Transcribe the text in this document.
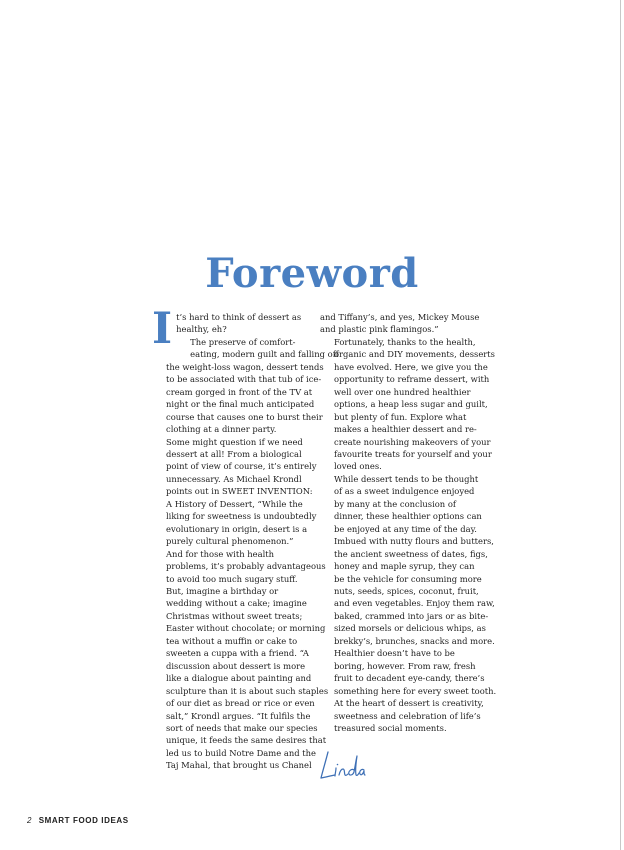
Foreword

I t’s hard to think of dessert as
healthy, eh?

The preserve of comfort-
eating, modern guilt and falling off
the weight-loss wagon, dessert tends
to be associated with that tub of ice-
cream gorged in front of the TV at
night or the final much anticipated
course that causes one to burst their
clothing at a dinner party.

Some might question if we need
dessert at all! From a biological
point of view of course, it’s entirely
unnecessary. As Michael Krondl
points out in SWEET INVENTION:
A History of Dessert, “While the
liking for sweetness is undoubtedly
evolutionary in origin, desert is a
purely cultural phenomenon.”

And for those with health
problems, it’s probably advantageous
to avoid too much sugary stuff.

But, imagine a birthday or
wedding without a cake; imagine
Christmas without sweet treats;
Easter without chocolate; or morning
tea without a muffin or cake to
sweeten a cuppa with a friend. “A
discussion about dessert is more
like a dialogue about painting and
sculpture than it is about such staples
of our diet as bread or rice or even
salt,” Krondl argues. “It fulfils the
sort of needs that make our species
unique, it feeds the same desires that
led us to build Notre Dame and the
Taj Mahal, that brought us Chanel

and Tiffany’s, and yes, Mickey Mouse
and plastic pink flamingos.”

Fortunately, thanks to the health,
organic and DIY movements, desserts
have evolved. Here, we give you the
opportunity to reframe dessert, with
well over one hundred healthier
options, a heap less sugar and guilt,
but plenty of fun. Explore what
makes a healthier dessert and re-
create nourishing makeovers of your
favourite treats for yourself and your
loved ones.

While dessert tends to be thought
of as a sweet indulgence enjoyed
by many at the conclusion of
dinner, these healthier options can
be enjoyed at any time of the day.
Imbued with nutty flours and butters,
the ancient sweetness of dates, figs,
honey and maple syrup, they can
be the vehicle for consuming more
nuts, seeds, spices, coconut, fruit,
and even vegetables. Enjoy them raw,
baked, crammed into jars or as bite-
sized morsels or delicious whips, as
brekky’s, brunches, snacks and more.

Healthier doesn’t have to be
boring, however. From raw, fresh
fruit to decadent eye-candy, there’s
something here for every sweet tooth.
At the heart of dessert is creativity,
sweetness and celebration of life’s
treasured social moments.

2 SMART FOOD IDEAS
